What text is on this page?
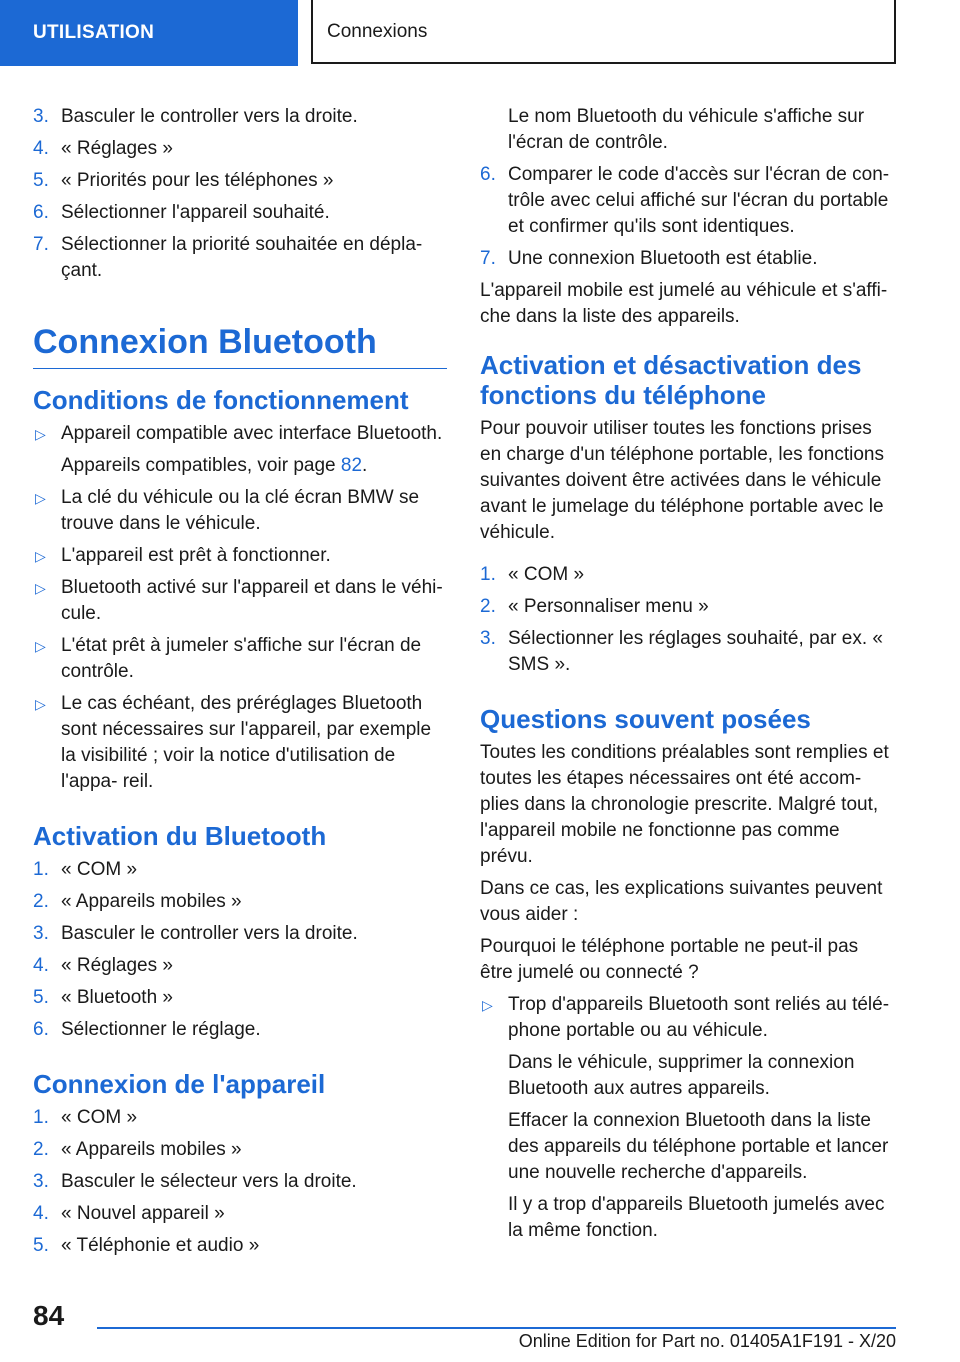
UTILISATION	Connexions
3. Basculer le controller vers la droite.
4. « Réglages »
5. « Priorités pour les téléphones »
6. Sélectionner l'appareil souhaité.
7. Sélectionner la priorité souhaitée en dépla‐ çant.
Connexion Bluetooth
Conditions de fonctionnement
▷ Appareil compatible avec interface Bluetooth.
Appareils compatibles, voir page 82.
▷ La clé du véhicule ou la clé écran BMW se trouve dans le véhicule.
▷ L'appareil est prêt à fonctionner.
▷ Bluetooth activé sur l'appareil et dans le véhi‐ cule.
▷ L'état prêt à jumeler s'affiche sur l'écran de contrôle.
▷ Le cas échéant, des préréglages Bluetooth sont nécessaires sur l'appareil, par exemple la visibilité ; voir la notice d'utilisation de l'appa‐ reil.
Activation du Bluetooth
1. « COM »
2. « Appareils mobiles »
3. Basculer le controller vers la droite.
4. « Réglages »
5. « Bluetooth »
6. Sélectionner le réglage.
Connexion de l'appareil
1. « COM »
2. « Appareils mobiles »
3. Basculer le sélecteur vers la droite.
4. « Nouvel appareil »
5. « Téléphonie et audio »

Le nom Bluetooth du véhicule s'affiche sur l'écran de contrôle.

6. Comparer le code d'accès sur l'écran de con‐ trôle avec celui affiché sur l'écran du portable et confirmer qu'ils sont identiques.
7. Une connexion Bluetooth est établie.

L'appareil mobile est jumelé au véhicule et s'affi‐ che dans la liste des appareils.

Activation et désactivation des fonctions du téléphone

Pour pouvoir utiliser toutes les fonctions prises en charge d'un téléphone portable, les fonctions suivantes doivent être activées dans le véhicule avant le jumelage du téléphone portable avec le véhicule.

1. « COM »
2. « Personnaliser menu »
3. Sélectionner les réglages souhaité, par ex. « SMS ».
Questions souvent posées

Toutes les conditions préalables sont remplies et toutes les étapes nécessaires ont été accom‐ plies dans la chronologie prescrite. Malgré tout, l'appareil mobile ne fonctionne pas comme prévu.

Dans ce cas, les explications suivantes peuvent vous aider :

Pourquoi le téléphone portable ne peut-il pas être jumelé ou connecté ?

▷ Trop d'appareils Bluetooth sont reliés au télé‐ phone portable ou au véhicule.
Dans le véhicule, supprimer la connexion Bluetooth aux autres appareils.
Effacer la connexion Bluetooth dans la liste des appareils du téléphone portable et lancer une nouvelle recherche d'appareils.
Il y a trop d'appareils Bluetooth jumelés avec la même fonction.
84
Online Edition for Part no. 01405A1F191 - X/20
